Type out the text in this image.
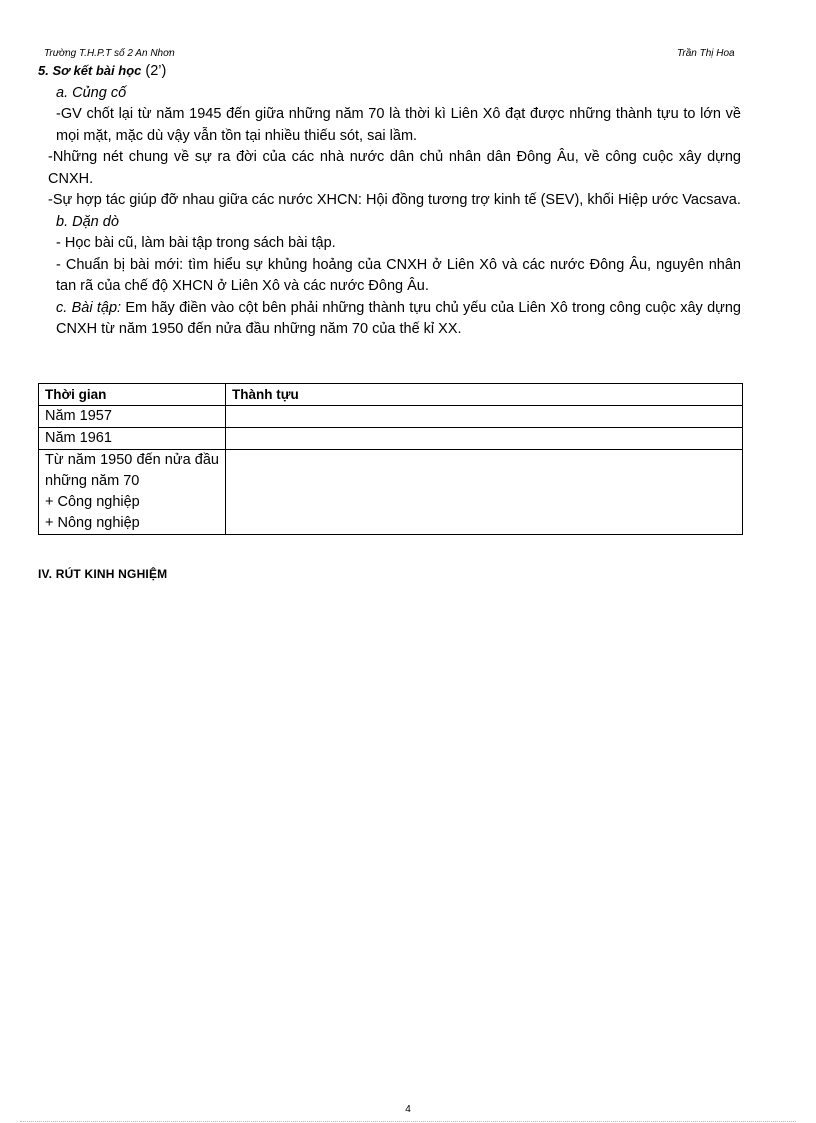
Trường T.H.P.T số 2 An Nhơn	Trần Thị Hoa

5. Sơ kết bài học (2’)

a. Củng cố

-GV chốt lại từ năm 1945 đến giữa những năm 70 là thời kì Liên Xô đạt được những thành tựu to lớn về mọi mặt, mặc dù vậy vẫn tồn tại nhiều thiếu sót, sai lầm.

-Những nét chung về sự ra đời của các nhà nước dân chủ nhân dân Đông Âu, về công cuộc xây dựng CNXH.

-Sự hợp tác giúp đỡ nhau giữa các nước XHCN: Hội đồng tương trợ kinh tế (SEV), khối Hiệp ước Vacsava.

b. Dặn dò

- Học bài cũ, làm bài tập trong sách bài tập.

- Chuẩn bị bài mới: tìm hiểu sự khủng hoảng của CNXH ở Liên Xô và các nước Đông Âu, nguyên nhân tan rã của chế độ XHCN ở Liên Xô và các nước Đông Âu.

c. Bài tập: Em hãy điền vào cột bên phải những thành tựu chủ yếu của Liên Xô trong công cuộc xây dựng CNXH từ năm 1950 đến nửa đầu những năm 70 của thế kỉ XX.

Thời gian	Thành tựu
Năm 1957	
Năm 1961	

Từ năm 1950 đến nửa đầu những năm 70
+ Công nghiệp
+ Nông nghiệp	

IV. RÚT KINH NGHIỆM
4
